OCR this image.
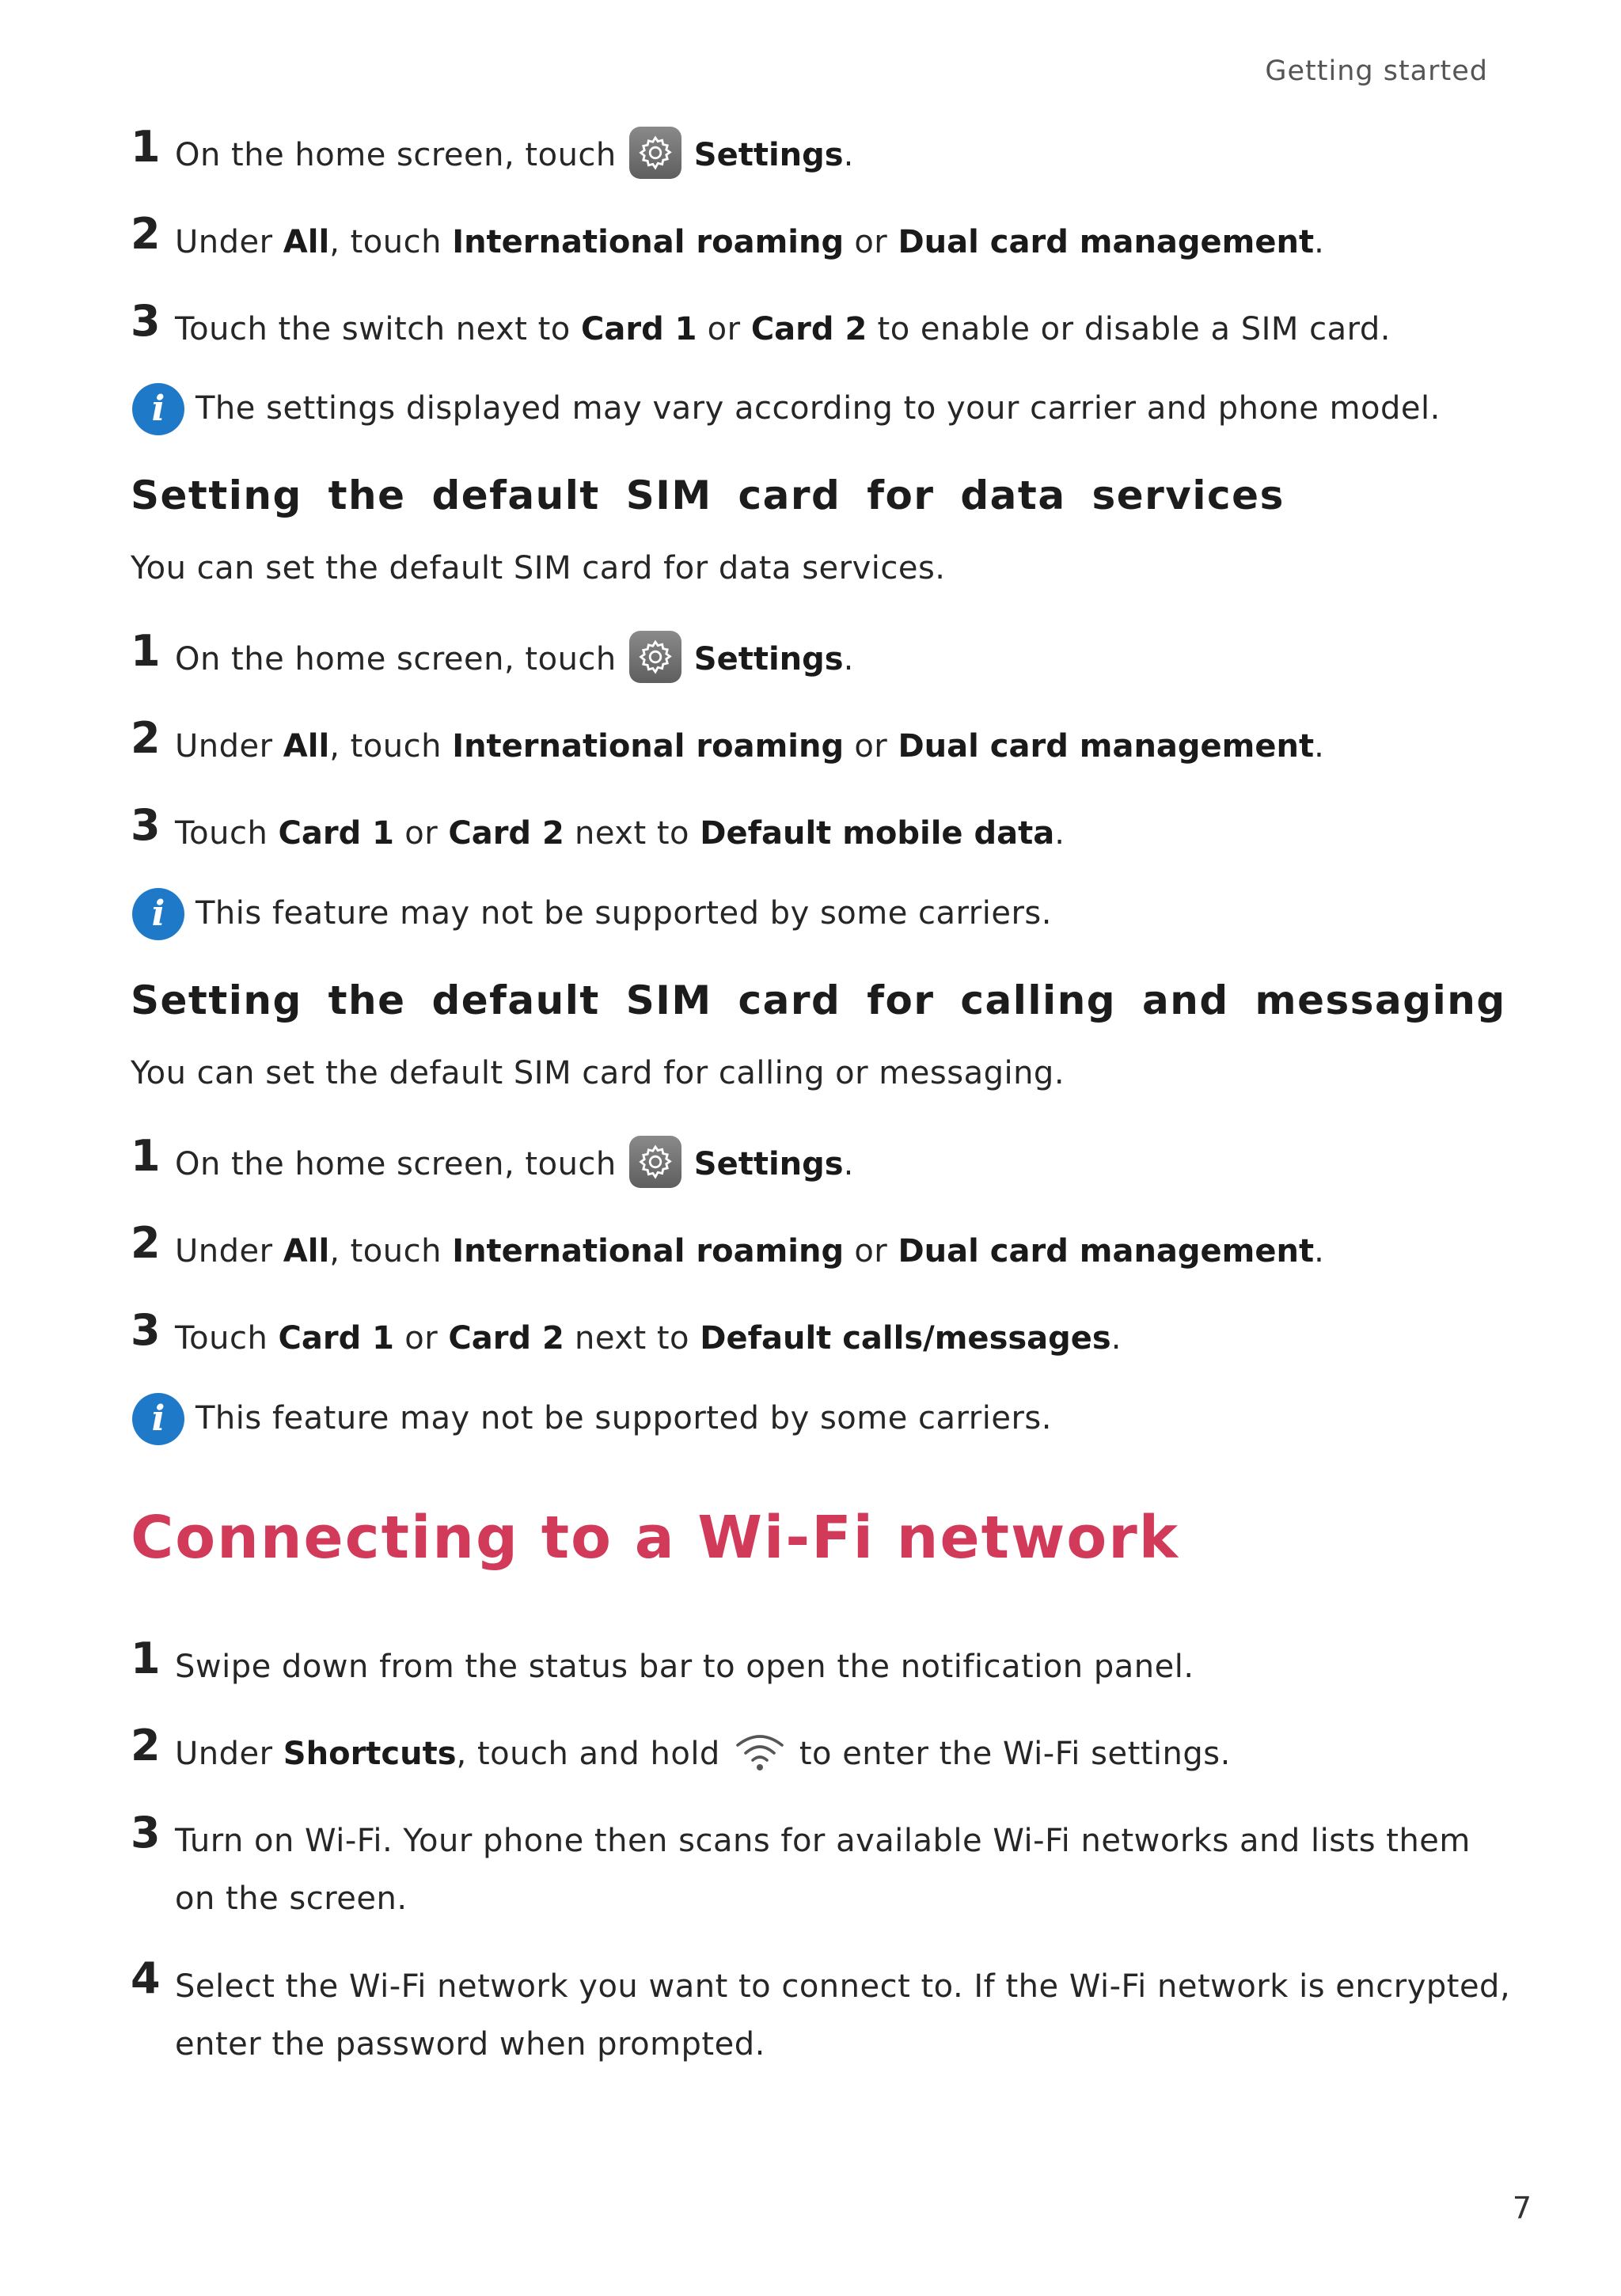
Getting started
1 On the home screen, touch Settings.
2 Under All, touch International roaming or Dual card management.
3 Touch the switch next to Card 1 or Card 2 to enable or disable a SIM card.
i The settings displayed may vary according to your carrier and phone model.
Setting the default SIM card for data services
You can set the default SIM card for data services.
1 On the home screen, touch Settings.
2 Under All, touch International roaming or Dual card management.
3 Touch Card 1 or Card 2 next to Default mobile data.
i This feature may not be supported by some carriers.
Setting the default SIM card for calling and messaging
You can set the default SIM card for calling or messaging.
1 On the home screen, touch Settings.
2 Under All, touch International roaming or Dual card management.
3 Touch Card 1 or Card 2 next to Default calls/messages.
i This feature may not be supported by some carriers.
Connecting to a Wi-Fi network
1 Swipe down from the status bar to open the notification panel.
2 Under Shortcuts, touch and hold	to enter the Wi-Fi settings.
3 Turn on Wi-Fi. Your phone then scans for available Wi-Fi networks and lists them on the screen.
4 Select the Wi-Fi network you want to connect to. If the Wi-Fi network is encrypted, enter the password when prompted.
7
